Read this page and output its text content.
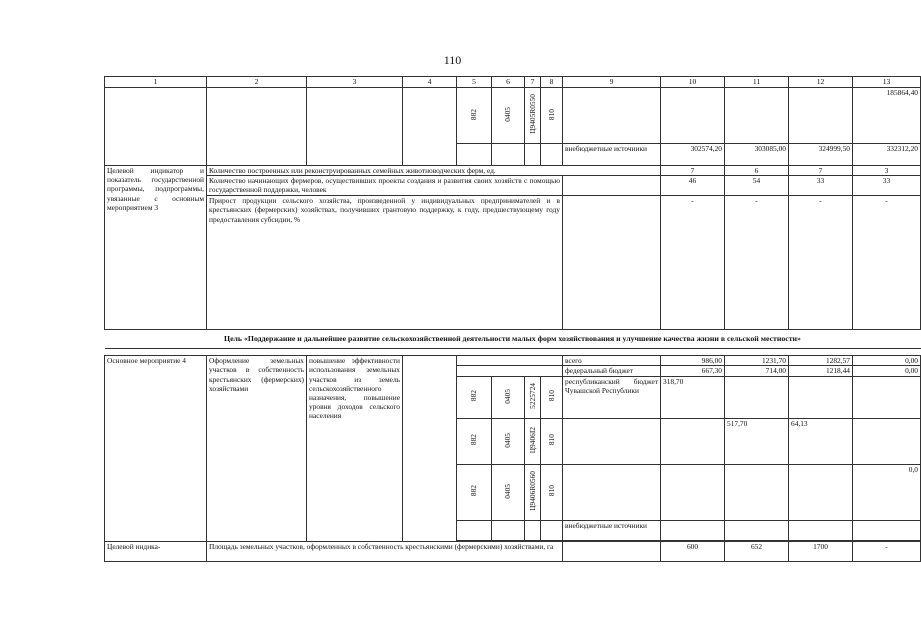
110
1	2	3	4	5	6	7	8	9	10	11	12	13
				882	0405	Ц9405R0550	810					185864,40
								внебюджетные источники	302574,20	303085,00	324999,50	332312,20
Целевой индикатор и показатель государственной программы, подпрограммы, увязанные с основным мероприятием 3	Количество построенных или реконструированных семейных животноводческих ферм, ед.								7	6	7	3
	Количество начинающих фермеров, осуществивших проекты создания и развития своих хозяйств с помощью государственной поддержки, человек								46	54	33	33
	Прирост продукции сельского хозяйства, произведенной у индивидуальных предпринимателей и в крестьянских (фермерских) хозяйствах, получивших грантовую поддержку, к году, предшествующему году предоставления субсидии, %								-	-	-	-
Цель «Поддержание и дальнейшее развитие сельскохозяйственной деятельности малых форм хозяйствования и улучшение качества жизни в сельской местности»												

Основное мероприятие 4	Оформление земельных участков в собственность крестьянских (фермерских) хозяйствами	повышение эффективности использования земельных участков из земель сельскохозяйственного назначения, повышение уровня доходов сельского населения						всего	986,00	1231,70	1282,57	0,00
								федеральный бюджет	667,30	714,00	1218,44	0,00
				882	0405	5225724	810	республиканский бюджет Чувашской Республики	318,70			
				882	0405	Ц9406I2	810			517,70	64,13	
				882	0405	Ц9406R0560	810					0,0
								внебюджетные источники				

Целевой индика-	Площадь земельных участков, оформленных в собственность крестьянскими (фермерскими) хозяйствами, га								600	652	1700	-
